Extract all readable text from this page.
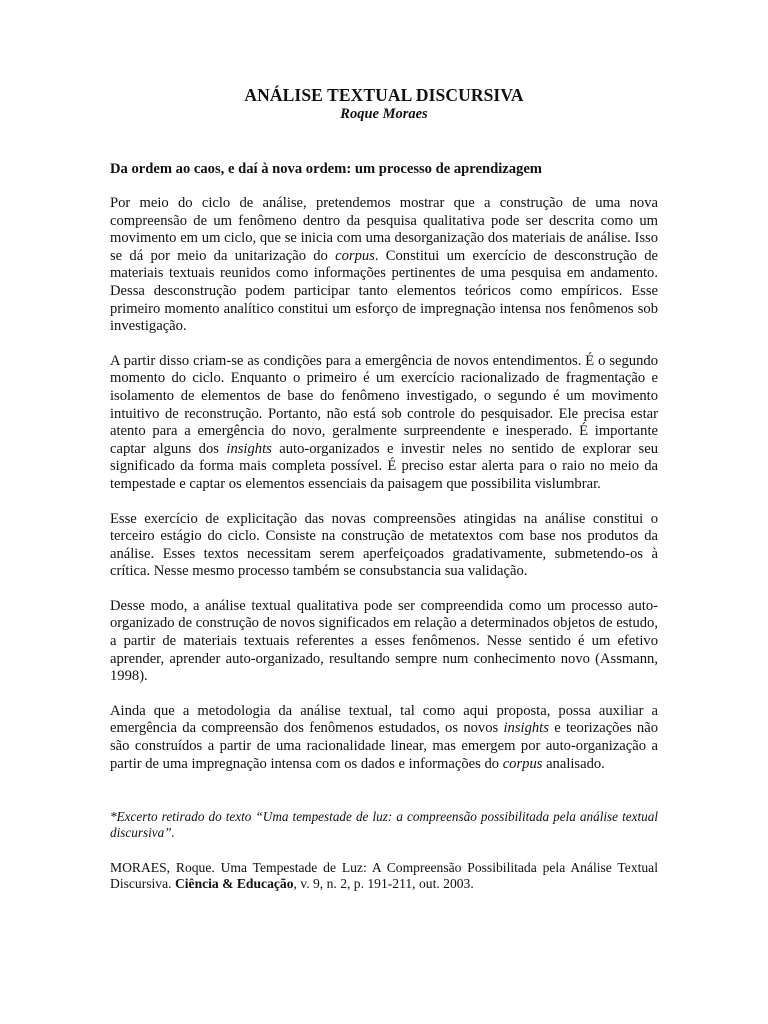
ANÁLISE TEXTUAL DISCURSIVA

Roque Moraes

Da ordem ao caos, e daí à nova ordem: um processo de aprendizagem

Por meio do ciclo de análise, pretendemos mostrar que a construção de uma nova compreensão de um fenômeno dentro da pesquisa qualitativa pode ser descrita como um movimento em um ciclo, que se inicia com uma desorganização dos materiais de análise. Isso se dá por meio da unitarização do corpus. Constitui um exercício de desconstrução de materiais textuais reunidos como informações pertinentes de uma pesquisa em andamento. Dessa desconstrução podem participar tanto elementos teóricos como empíricos. Esse primeiro momento analítico constitui um esforço de impregnação intensa nos fenômenos sob investigação.

A partir disso criam-se as condições para a emergência de novos entendimentos. É o segundo momento do ciclo. Enquanto o primeiro é um exercício racionalizado de fragmentação e isolamento de elementos de base do fenômeno investigado, o segundo é um movimento intuitivo de reconstrução. Portanto, não está sob controle do pesquisador. Ele precisa estar atento para a emergência do novo, geralmente surpreendente e inesperado. É importante captar alguns dos insights auto-organizados e investir neles no sentido de explorar seu significado da forma mais completa possível. É preciso estar alerta para o raio no meio da tempestade e captar os elementos essenciais da paisagem que possibilita vislumbrar.

Esse exercício de explicitação das novas compreensões atingidas na análise constitui o terceiro estágio do ciclo. Consiste na construção de metatextos com base nos produtos da análise. Esses textos necessitam serem aperfeiçoados gradativamente, submetendo-os à crítica. Nesse mesmo processo também se consubstancia sua validação.

Desse modo, a análise textual qualitativa pode ser compreendida como um processo auto-organizado de construção de novos significados em relação a determinados objetos de estudo, a partir de materiais textuais referentes a esses fenômenos. Nesse sentido é um efetivo aprender, aprender auto-organizado, resultando sempre num conhecimento novo (Assmann, 1998).

Ainda que a metodologia da análise textual, tal como aqui proposta, possa auxiliar a emergência da compreensão dos fenômenos estudados, os novos insights e teorizações não são construídos a partir de uma racionalidade linear, mas emergem por auto-organização a partir de uma impregnação intensa com os dados e informações do corpus analisado.

*Excerto retirado do texto “Uma tempestade de luz: a compreensão possibilitada pela análise textual discursiva”.

MORAES, Roque. Uma Tempestade de Luz: A Compreensão Possibilitada pela Análise Textual Discursiva. Ciência & Educação, v. 9, n. 2, p. 191-211, out. 2003.
